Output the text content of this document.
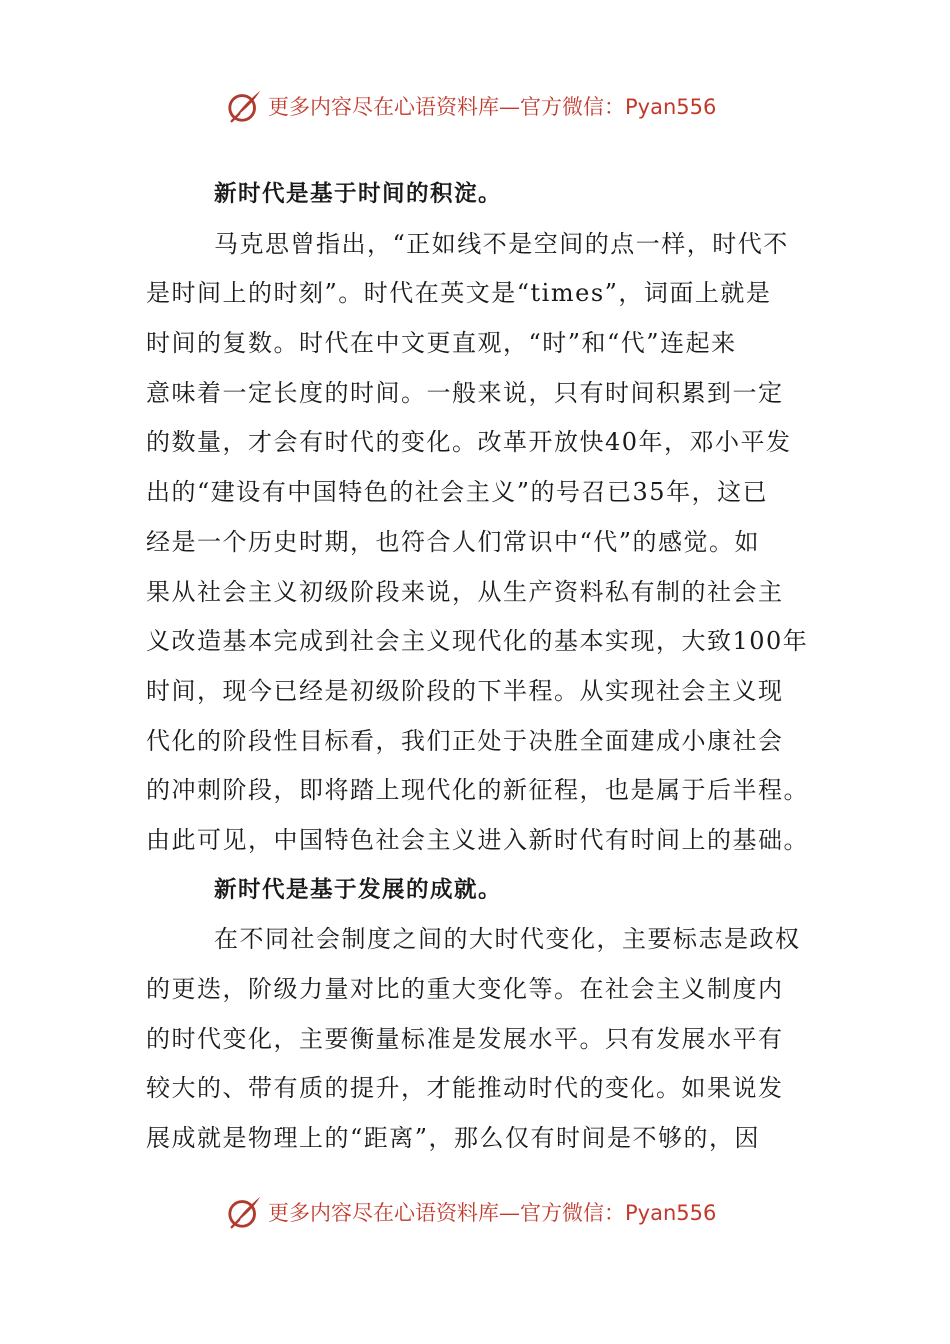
更多内容尽在心语资料库—官方微信：Pyan556
新时代是基于时间的积淀。
马克思曾指出，“正如线不是空间的点一样，时代不
是时间上的时刻”。时代在英文是“times”，词面上就是
时间的复数。时代在中文更直观，“时”和“代”连起来
意味着一定长度的时间。一般来说，只有时间积累到一定
的数量，才会有时代的变化。改革开放快40年，邓小平发
出的“建设有中国特色的社会主义”的号召已35年，这已
经是一个历史时期，也符合人们常识中“代”的感觉。如
果从社会主义初级阶段来说，从生产资料私有制的社会主
义改造基本完成到社会主义现代化的基本实现，大致100年
时间，现今已经是初级阶段的下半程。从实现社会主义现
代化的阶段性目标看，我们正处于决胜全面建成小康社会
的冲刺阶段，即将踏上现代化的新征程，也是属于后半程。
由此可见，中国特色社会主义进入新时代有时间上的基础。
新时代是基于发展的成就。
在不同社会制度之间的大时代变化，主要标志是政权
的更迭，阶级力量对比的重大变化等。在社会主义制度内
的时代变化，主要衡量标准是发展水平。只有发展水平有
较大的、带有质的提升，才能推动时代的变化。如果说发
展成就是物理上的“距离”，那么仅有时间是不够的，因
更多内容尽在心语资料库—官方微信：Pyan556
